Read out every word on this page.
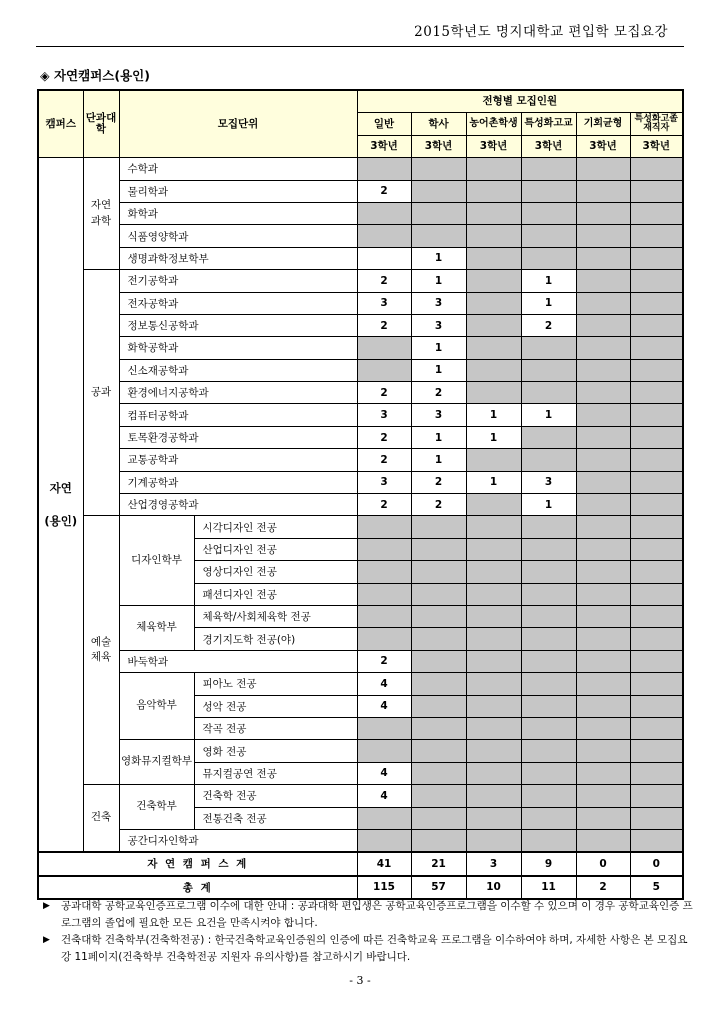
2015학년도 명지대학교 편입학 모집요강
◈ 자연캠퍼스(용인)
캠퍼스	단과대학	모집단위		전형별 모집인원					
				일반	학사	농어촌학생	특성화고교	기회균형	특성화고졸재직자
				3학년	3학년	3학년	3학년	3학년	3학년

자연
(용인)	자연과학	수학과							
		물리학과		2					
		화학과							
		식품영양학과							
		생명과학정보학부			1				
	공과	전기공학과		2	1		1		
		전자공학과		3	3		1		
		정보통신공학과		2	3		2		
		화학공학과			1				
		신소재공학과			1				
		환경에너지공학과		2	2				
		컴퓨터공학과		3	3	1	1		
		토목환경공학과		2	1	1			
		교통공학과		2	1				
		기계공학과		3	2	1	3		
		산업경영공학과		2	2		1		
	예술체육	디자인학부	시각디자인 전공						
			산업디자인 전공						
			영상디자인 전공						
			패션디자인 전공						
		체육학부	체육학/사회체육학 전공						
			경기지도학 전공(야)						
		바둑학과		2					
		음악학부	피아노 전공	4					
			성악 전공	4					
			작곡 전공						
		영화뮤지컬학부	영화 전공						
			뮤지컬공연 전공	4					
	건축	건축학부	건축학 전공	4					
			전통건축 전공						
		공간디자인학과							
자 연 캠 퍼 스 계				41	21	3	9	0	0
총 계				115	57	10	11	2	5
▶ 공과대학 공학교육인증프로그램 이수에 대한 안내 : 공과대학 편입생은 공학교육인증프로그램을 이수할 수 있으며 이 경우 공학교육인증 프로그램의 졸업에 필요한 모든 요건을 만족시켜야 합니다.
▶ 건축대학 건축학부(건축학전공) : 한국건축학교육인증원의 인증에 따른 건축학교육 프로그램을 이수하여야 하며, 자세한 사항은 본 모집요강 11페이지(건축학부 건축학전공 지원자 유의사항)를 참고하시기 바랍니다.
- 3 -
